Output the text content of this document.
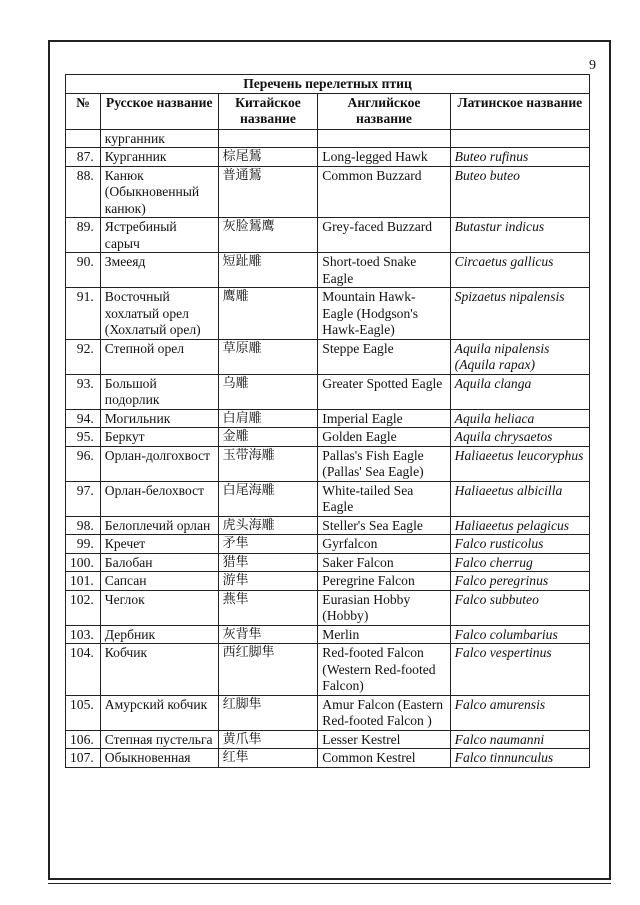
9
Перечень перелетных птиц				
№	Русское название	Китайское название	Английское название	Латинское название
	курганник			
87.	Курганник	棕尾鵟	Long-legged Hawk	Buteo rufinus
88.	Канюк (Обыкновенный канюк)	普通鵟	Common Buzzard	Buteo buteo
89.	Ястребиный сарыч	灰脸鵟鹰	Grey-faced Buzzard	Butastur indicus
90.	Змееяд	短趾雕	Short-toed Snake Eagle	Circaetus gallicus
91.	Восточный хохлатый орел (Хохлатый орел)	鹰雕	Mountain Hawk-Eagle (Hodgson's Hawk-Eagle)	Spizaetus nipalensis
92.	Степной орел	草原雕	Steppe Eagle	Aquila nipalensis (Aquila rapax)
93.	Большой подорлик	乌雕	Greater Spotted Eagle	Aquila clanga
94.	Могильник	白肩雕	Imperial Eagle	Aquila heliaca
95.	Беркут	金雕	Golden Eagle	Aquila chrysaetos
96.	Орлан-долгохвост	玉带海雕	Pallas's Fish Eagle (Pallas' Sea Eagle)	Haliaeetus leucoryphus
97.	Орлан-белохвост	白尾海雕	White-tailed Sea Eagle	Haliaeetus albicilla
98.	Белоплечий орлан	虎头海雕	Steller's Sea Eagle	Haliaeetus pelagicus
99.	Кречет	矛隼	Gyrfalcon	Falco rusticolus
100.	Балобан	猎隼	Saker Falcon	Falco cherrug
101.	Сапсан	游隼	Peregrine Falcon	Falco peregrinus
102.	Чеглок	燕隼	Eurasian Hobby (Hobby)	Falco subbuteo
103.	Дербник	灰背隼	Merlin	Falco columbarius
104.	Кобчик	西红脚隼	Red-footed Falcon (Western Red-footed Falcon)	Falco vespertinus
105.	Амурский кобчик	红脚隼	Amur Falcon (Eastern Red-footed Falcon )	Falco amurensis
106.	Степная пустельга	黄爪隼	Lesser Kestrel	Falco naumanni
107.	Обыкновенная	红隼	Common Kestrel	Falco tinnunculus
